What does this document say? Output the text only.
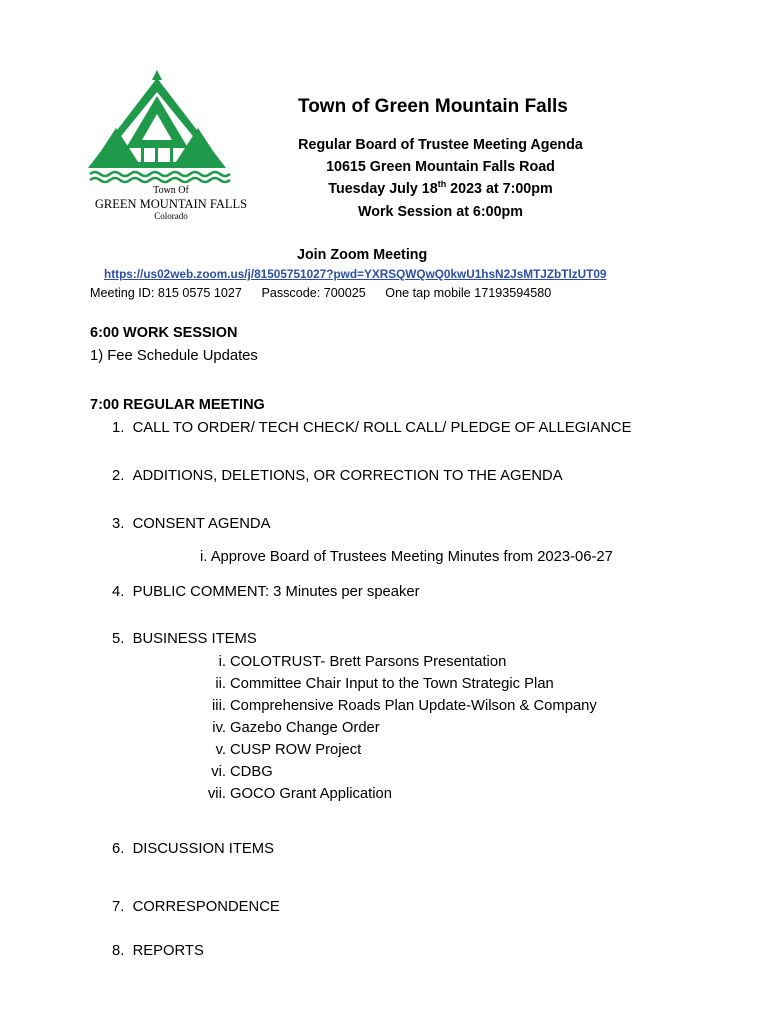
Town Of
GREEN MOUNTAIN FALLS
Colorado
Town of Green Mountain Falls
Regular Board of Trustee Meeting Agenda
10615 Green Mountain Falls Road
Tuesday July 18th 2023 at 7:00pm
Work Session at 6:00pm
Join Zoom Meeting
https://us02web.zoom.us/j/81505751027?pwd=YXRSQWQwQ0kwU1hsN2JsMTJZbTlzUT09
Meeting ID: 815 0575 1027 Passcode: 700025 One tap mobile 17193594580
6:00 WORK SESSION
1) Fee Schedule Updates
7:00 REGULAR MEETING
1. CALL TO ORDER/ TECH CHECK/ ROLL CALL/ PLEDGE OF ALLEGIANCE
2. ADDITIONS, DELETIONS, OR CORRECTION TO THE AGENDA
3. CONSENT AGENDA
i. Approve Board of Trustees Meeting Minutes from 2023-06-27
4. PUBLIC COMMENT: 3 Minutes per speaker
5. BUSINESS ITEMS
i. COLOTRUST- Brett Parsons Presentation
ii. Committee Chair Input to the Town Strategic Plan
iii. Comprehensive Roads Plan Update-Wilson & Company
iv. Gazebo Change Order
v. CUSP ROW Project
vi. CDBG
vii. GOCO Grant Application
6. DISCUSSION ITEMS
7. CORRESPONDENCE
8. REPORTS
